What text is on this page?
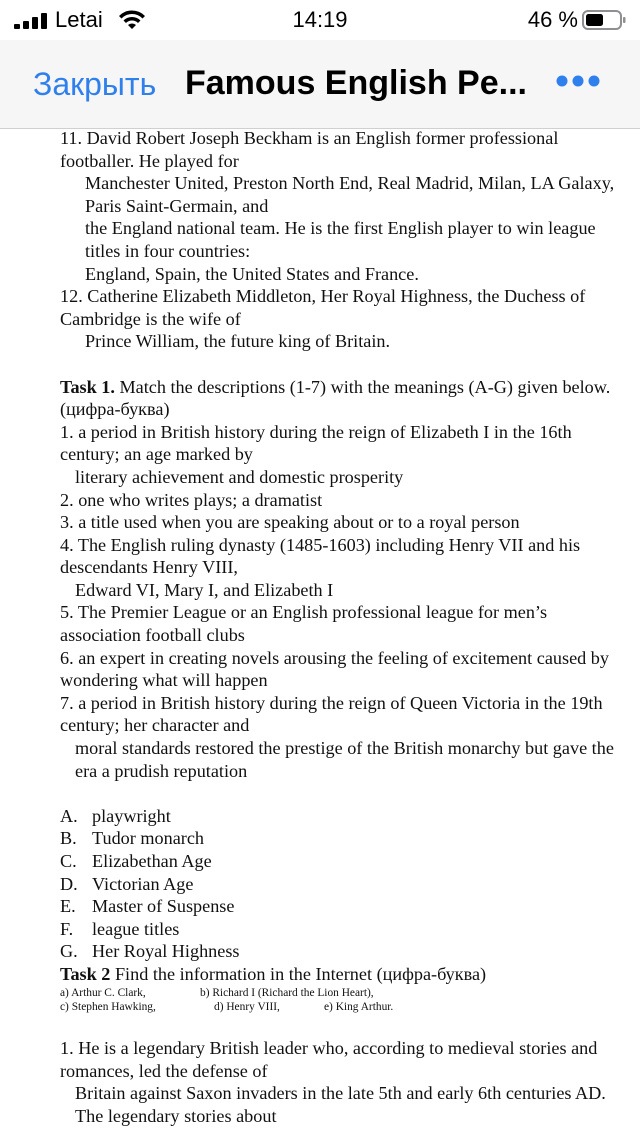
Letai	14:19	46 %
Закрыть Famous English Pe...

11. David Robert Joseph Beckham is an English former professional footballer. He played for

Manchester United, Preston North End, Real Madrid, Milan, LA Galaxy, Paris Saint-Germain, and

the England national team. He is the first English player to win league titles in four countries:

England, Spain, the United States and France.

12. Catherine Elizabeth Middleton, Her Royal Highness, the Duchess of Cambridge is the wife of

Prince William, the future king of Britain.

Task 1. Match the descriptions (1-7) with the meanings (A-G) given below. (цифра-буква)

1. a period in British history during the reign of Elizabeth I in the 16th century; an age marked by

literary achievement and domestic prosperity

2. one who writes plays; a dramatist

3. a title used when you are speaking about or to a royal person

4. The English ruling dynasty (1485-1603) including Henry VII and his descendants Henry VIII,

Edward VI, Mary I, and Elizabeth I

5. The Premier League or an English professional league for men’s association football clubs

6. an expert in creating novels arousing the feeling of excitement caused by wondering what will happen

7. a period in British history during the reign of Queen Victoria in the 19th century; her character and

moral standards restored the prestige of the British monarchy but gave the era a prudish reputation

A. playwright

B. Tudor monarch

C. Elizabethan Age

D. Victorian Age

E. Master of Suspense

F. league titles

G. Her Royal Highness

Task 2 Find the information in the Internet (цифра-буква)

a) Arthur C. Clark,	b) Richard I (Richard the Lion Heart),
c) Stephen Hawking,	d) Henry VIII,	e) King Arthur.

1. He is a legendary British leader who, according to medieval stories and romances, led the defense of

Britain against Saxon invaders in the late 5th and early 6th centuries AD. The legendary stories about
